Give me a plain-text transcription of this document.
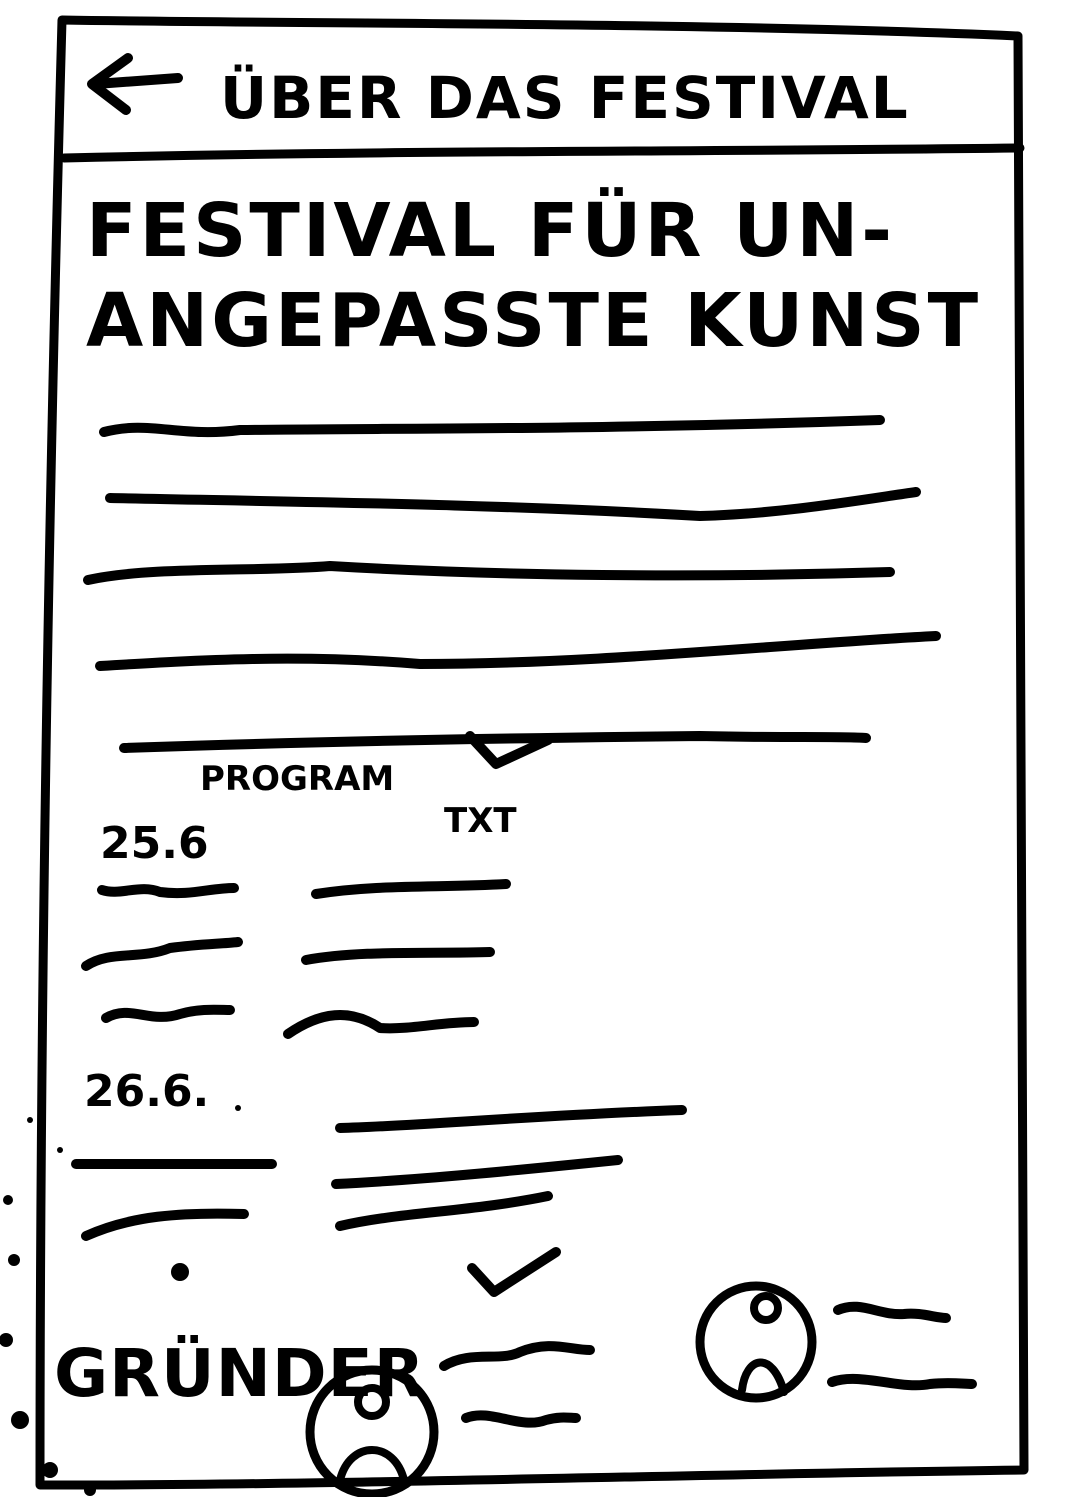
ÜBER DAS FESTIVAL
FESTIVAL FÜR UN-
ANGEPASSTE KUNST
PROGRAM
TXT
25.6
26.6.
GRÜNDER
